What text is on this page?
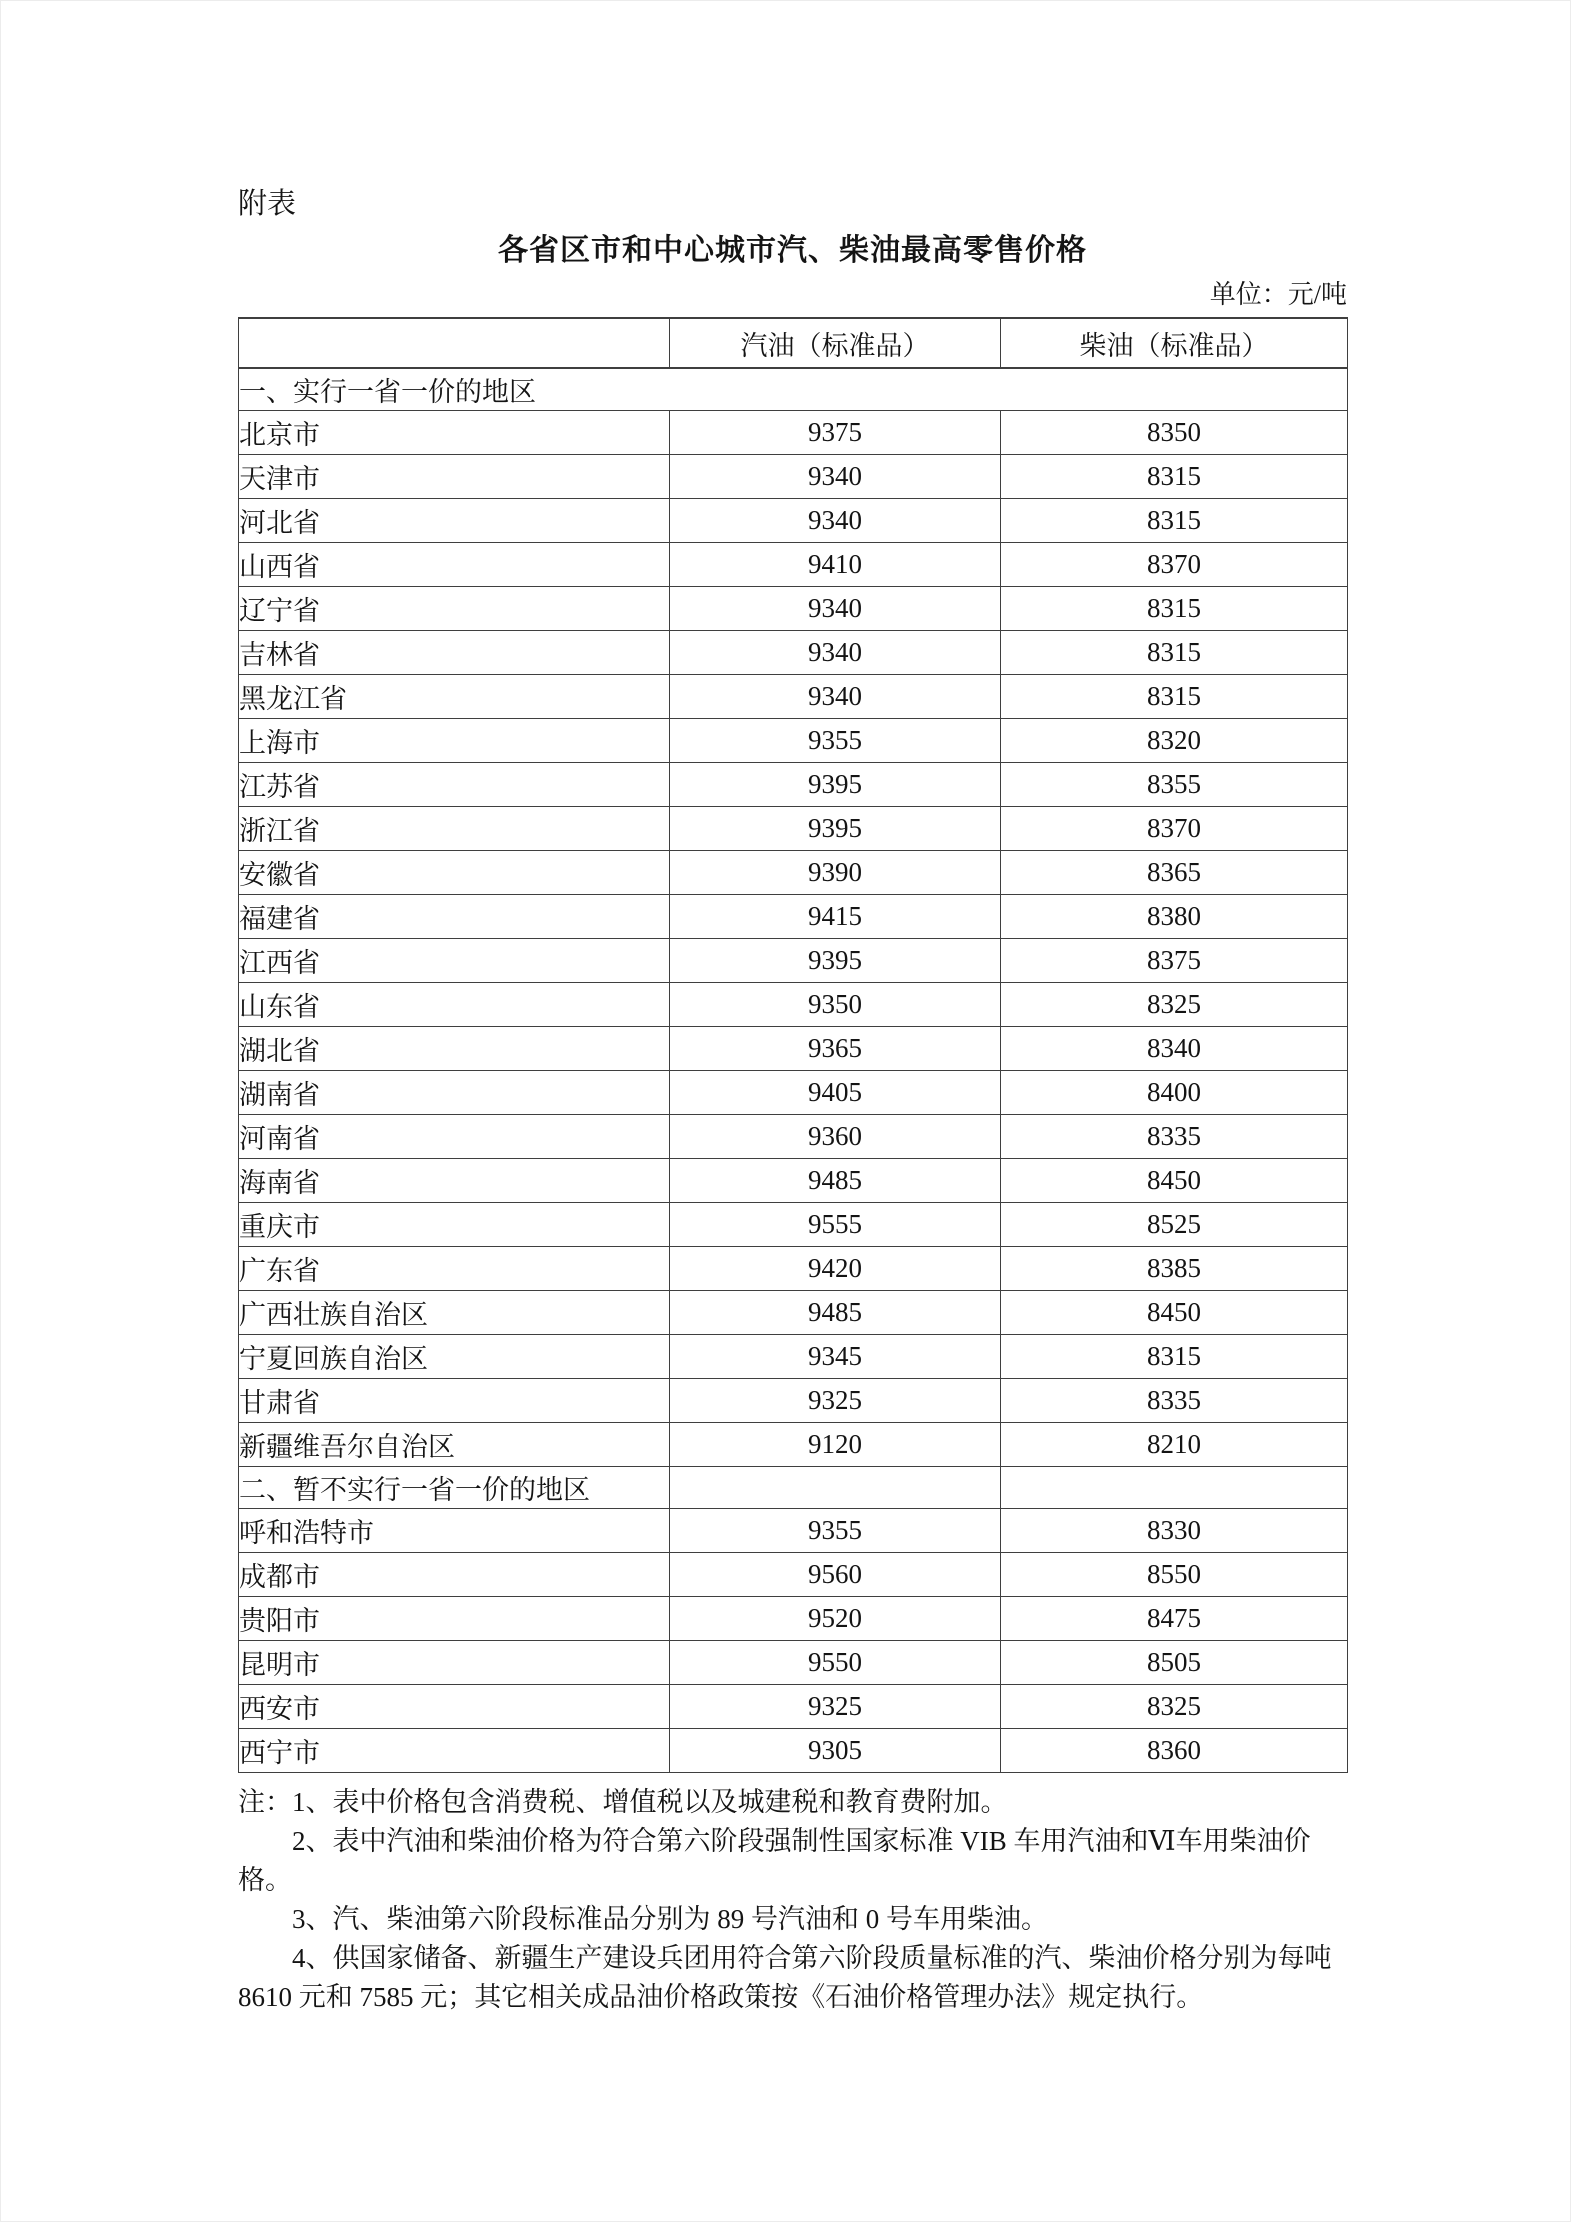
附表
各省区市和中心城市汽、柴油最高零售价格
单位：元/吨
	汽油（标准品）	柴油（标准品）
一、实行一省一价的地区		
北京市	9375	8350
天津市	9340	8315
河北省	9340	8315
山西省	9410	8370
辽宁省	9340	8315
吉林省	9340	8315
黑龙江省	9340	8315
上海市	9355	8320
江苏省	9395	8355
浙江省	9395	8370
安徽省	9390	8365
福建省	9415	8380
江西省	9395	8375
山东省	9350	8325
湖北省	9365	8340
湖南省	9405	8400
河南省	9360	8335
海南省	9485	8450
重庆市	9555	8525
广东省	9420	8385
广西壮族自治区	9485	8450
宁夏回族自治区	9345	8315
甘肃省	9325	8335
新疆维吾尔自治区	9120	8210
二、暂不实行一省一价的地区		
呼和浩特市	9355	8330
成都市	9560	8550
贵阳市	9520	8475
昆明市	9550	8505
西安市	9325	8325
西宁市	9305	8360

注：1、表中价格包含消费税、增值税以及城建税和教育费附加。

2、表中汽油和柴油价格为符合第六阶段强制性国家标准 VIB 车用汽油和Ⅵ车用柴油价格。

3、汽、柴油第六阶段标准品分别为 89 号汽油和 0 号车用柴油。

4、供国家储备、新疆生产建设兵团用符合第六阶段质量标准的汽、柴油价格分别为每吨 8610 元和 7585 元；其它相关成品油价格政策按《石油价格管理办法》规定执行。
